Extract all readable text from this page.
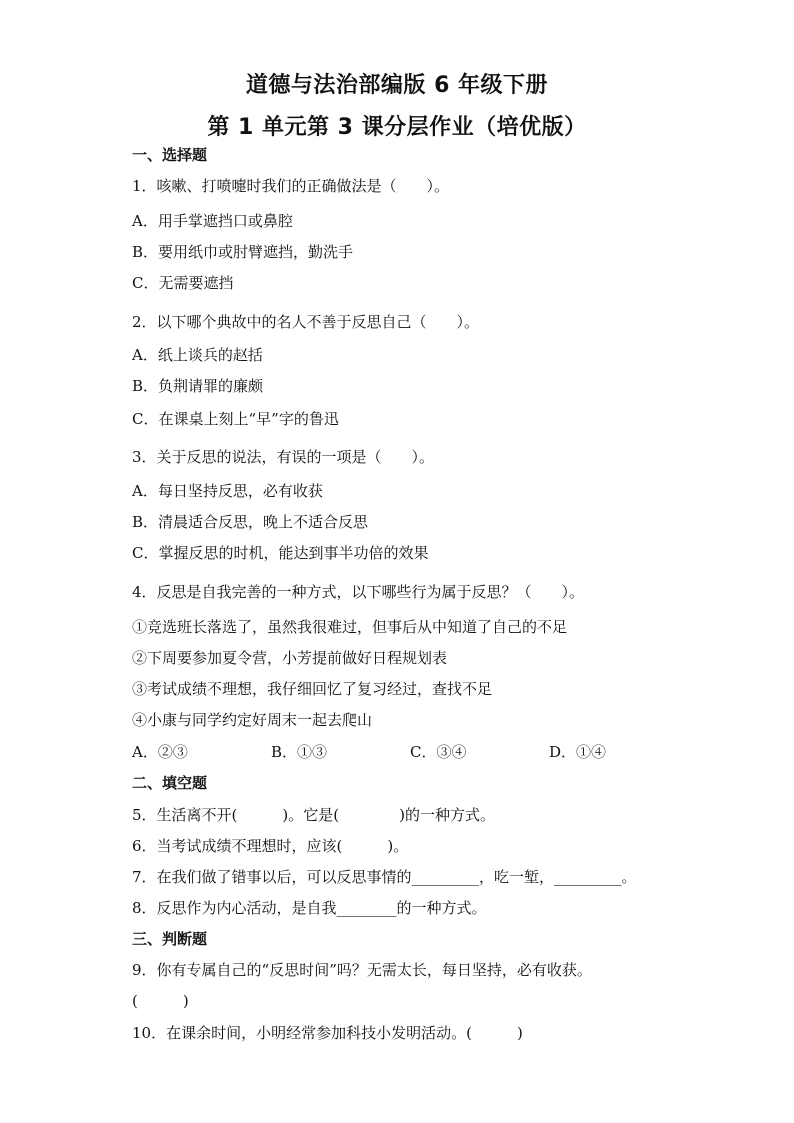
道德与法治部编版 6 年级下册
第 1 单元第 3 课分层作业（培优版）
一、选择题
1．咳嗽、打喷嚏时我们的正确做法是（　　）。
A．用手掌遮挡口或鼻腔
B．要用纸巾或肘臂遮挡，勤洗手
C．无需要遮挡
2．以下哪个典故中的名人不善于反思自己（　　）。
A．纸上谈兵的赵括
B．负荆请罪的廉颇
C．在课桌上刻上“早”字的鲁迅
3．关于反思的说法，有误的一项是（　　）。
A．每日坚持反思，必有收获
B．清晨适合反思，晚上不适合反思
C．掌握反思的时机，能达到事半功倍的效果
4．反思是自我完善的一种方式，以下哪些行为属于反思？（　　）。
①竞选班长落选了，虽然我很难过，但事后从中知道了自己的不足
②下周要参加夏令营，小芳提前做好日程规划表
③考试成绩不理想，我仔细回忆了复习经过，查找不足
④小康与同学约定好周末一起去爬山
A．②③	B．①③	C．③④	D．①④
二、填空题
5．生活离不开(　　　)。它是(　　　　)的一种方式。
6．当考试成绩不理想时，应该(　　　)。
7．在我们做了错事以后，可以反思事情的_________，吃一堑，_________。
8．反思作为内心活动，是自我________的一种方式。
三、判断题
9．你有专属自己的“反思时间”吗？无需太长，每日坚持，必有收获。
(　　　)
10．在课余时间，小明经常参加科技小发明活动。(　　　)
